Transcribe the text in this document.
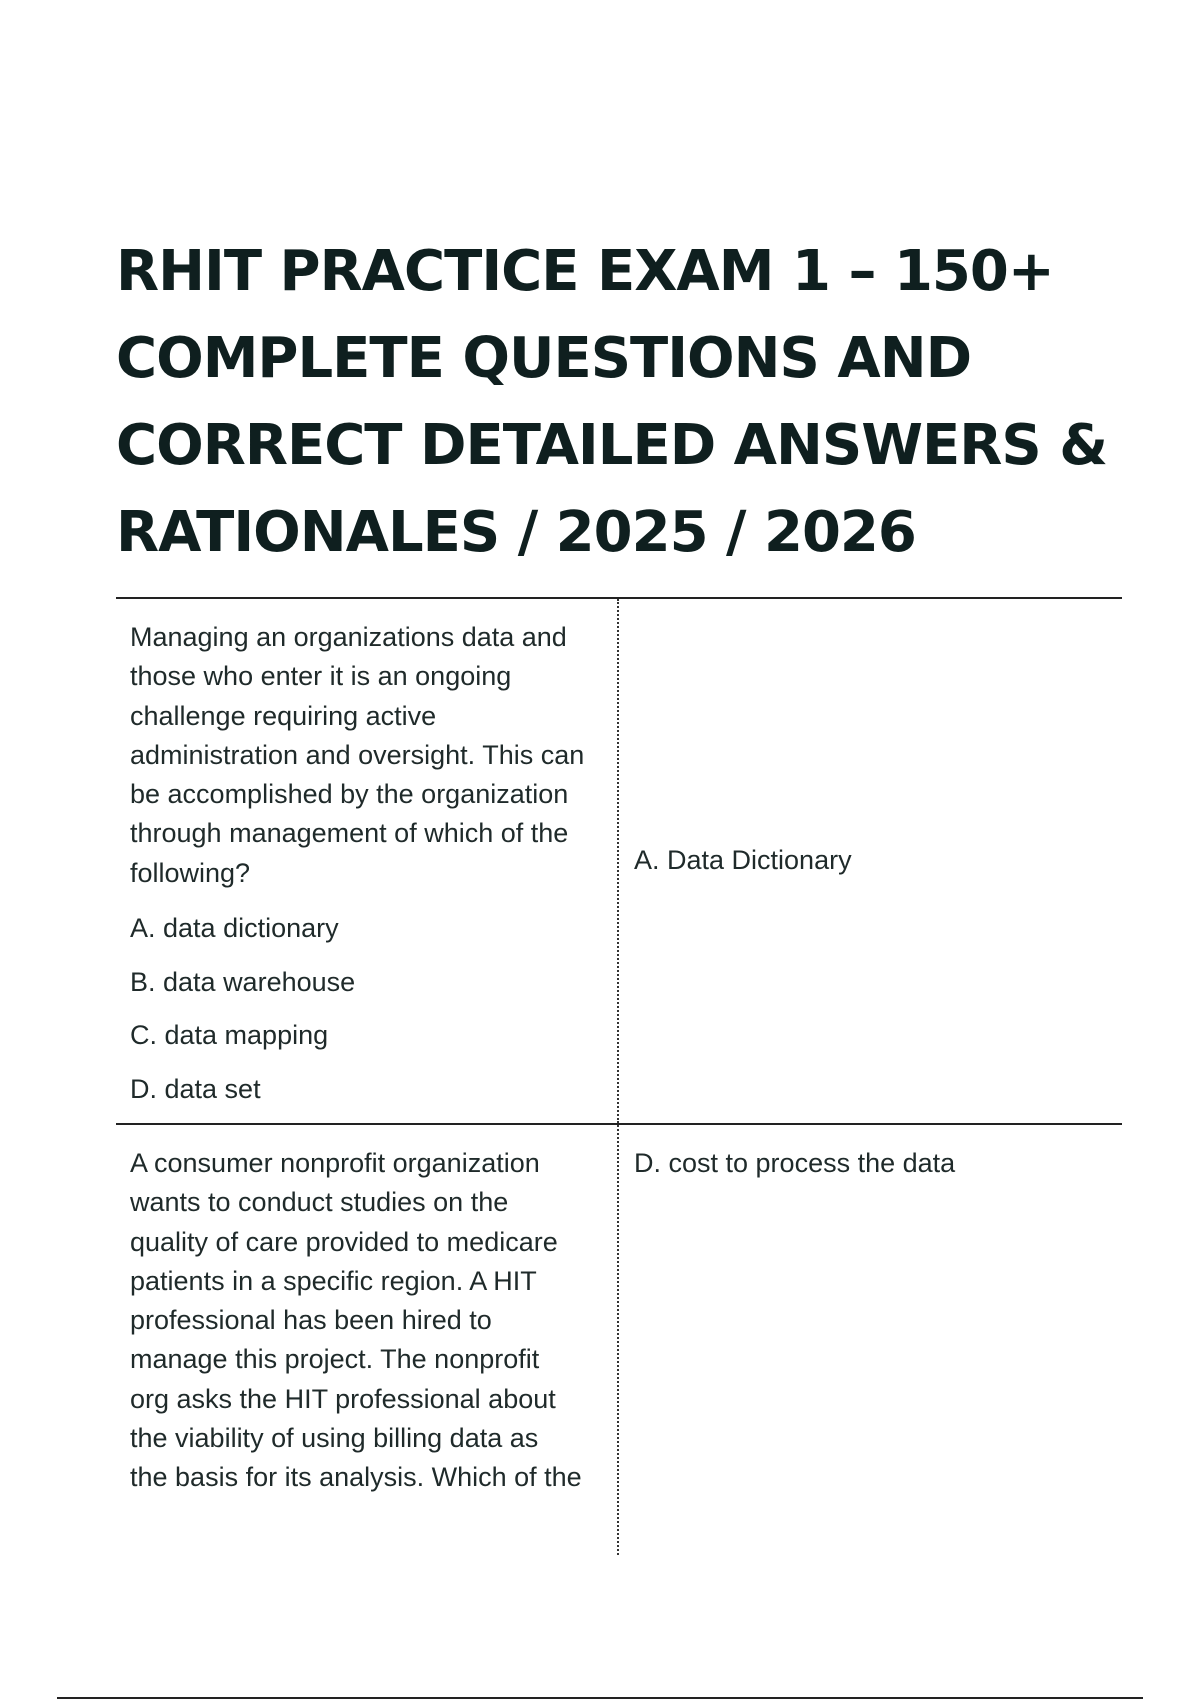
RHIT PRACTICE EXAM 1 – 150+
COMPLETE QUESTIONS AND
CORRECT DETAILED ANSWERS &
RATIONALES / 2025 / 2026
Managing an organizations data and
those who enter it is an ongoing
challenge requiring active
administration and oversight. This can
be accomplished by the organization
through management of which of the
following?
A. data dictionary
B. data warehouse
C. data mapping
D. data set
A. Data Dictionary
A consumer nonprofit organization
wants to conduct studies on the
quality of care provided to medicare
patients in a specific region. A HIT
professional has been hired to
manage this project. The nonprofit
org asks the HIT professional about
the viability of using billing data as
the basis for its analysis. Which of the
D. cost to process the data
